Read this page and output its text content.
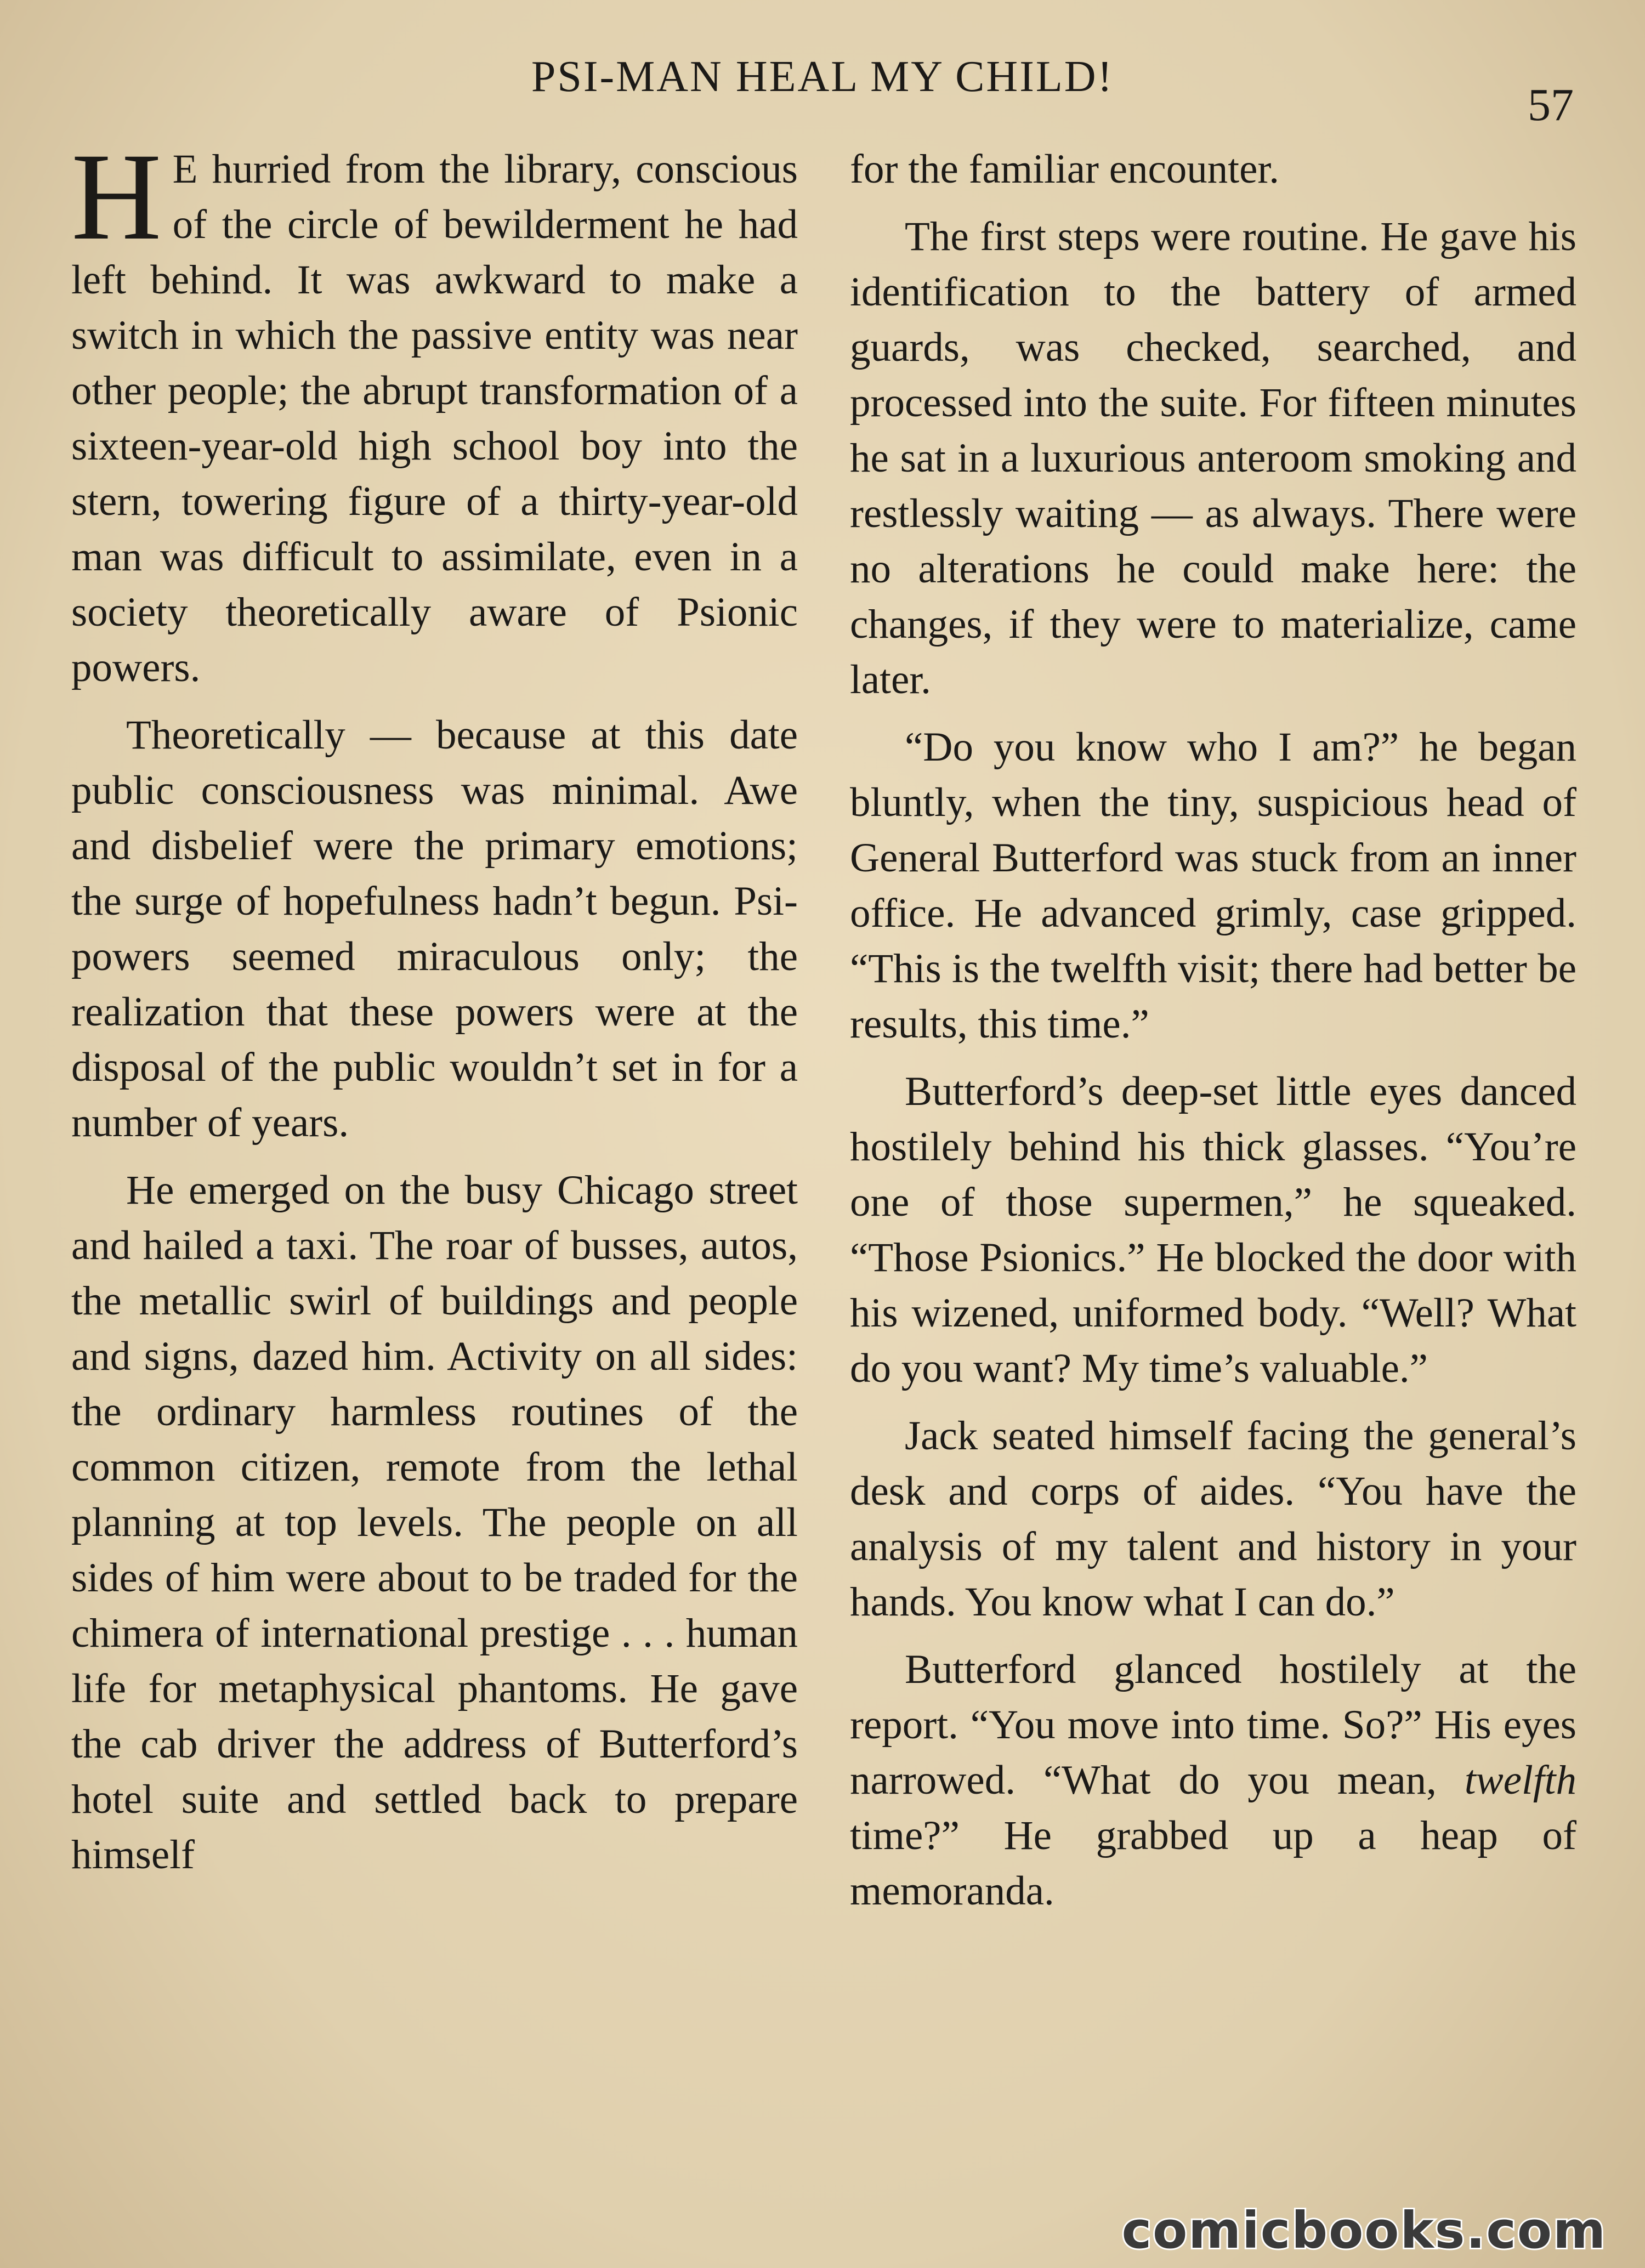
PSI-MAN HEAL MY CHILD!
57

H E hurried from the library, conscious of the circle of bewilderment he had left behind. It was awkward to make a switch in which the passive entity was near other people; the abrupt transformation of a sixteen-year-old high school boy into the stern, towering figure of a thirty-year-old man was difficult to assimilate, even in a society theoretically aware of Psionic powers.

Theoretically — because at this date public consciousness was minimal. Awe and disbelief were the primary emotions; the surge of hopefulness hadn’t begun. Psi-powers seemed miraculous only; the realization that these powers were at the disposal of the public wouldn’t set in for a number of years.

He emerged on the busy Chicago street and hailed a taxi. The roar of busses, autos, the metallic swirl of buildings and people and signs, dazed him. Activity on all sides: the ordinary harmless routines of the common citizen, remote from the lethal planning at top levels. The people on all sides of him were about to be traded for the chimera of international prestige . . . human life for metaphysical phantoms. He gave the cab driver the address of Butterford’s hotel suite and settled back to prepare himself

for the familiar encounter.

The first steps were routine. He gave his identification to the battery of armed guards, was checked, searched, and processed into the suite. For fifteen minutes he sat in a luxurious anteroom smoking and restlessly waiting — as always. There were no alterations he could make here: the changes, if they were to materialize, came later.

“Do you know who I am?” he began bluntly, when the tiny, suspicious head of General Butterford was stuck from an inner office. He advanced grimly, case gripped. “This is the twelfth visit; there had better be results, this time.”

Butterford’s deep-set little eyes danced hostilely behind his thick glasses. “You’re one of those supermen,” he squeaked. “Those Psionics.” He blocked the door with his wizened, uniformed body. “Well? What do you want? My time’s valuable.”

Jack seated himself facing the general’s desk and corps of aides. “You have the analysis of my talent and history in your hands. You know what I can do.”

Butterford glanced hostilely at the report. “You move into time. So?” His eyes narrowed. “What do you mean, twelfth time?” He grabbed up a heap of memoranda.

comicbooks.com
